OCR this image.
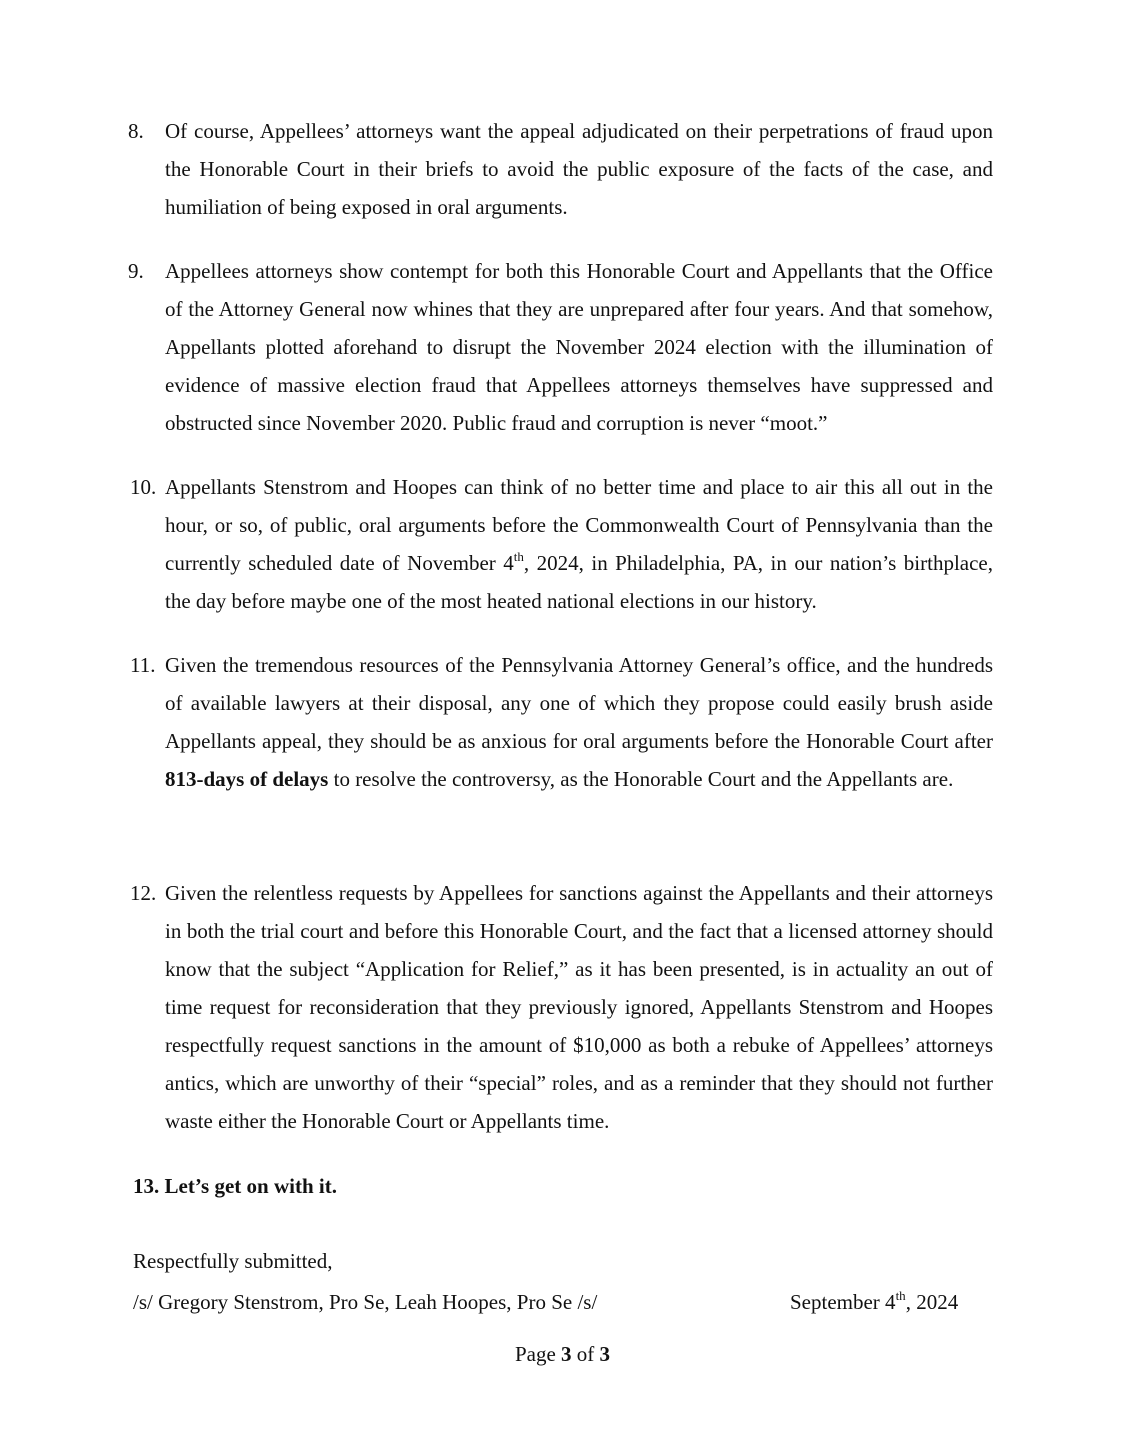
8. Of course, Appellees’ attorneys want the appeal adjudicated on their perpetrations of fraud upon the Honorable Court in their briefs to avoid the public exposure of the facts of the case, and humiliation of being exposed in oral arguments.

9. Appellees attorneys show contempt for both this Honorable Court and Appellants that the Office of the Attorney General now whines that they are unprepared after four years. And that somehow, Appellants plotted aforehand to disrupt the November 2024 election with the illumination of evidence of massive election fraud that Appellees attorneys themselves have suppressed and obstructed since November 2020. Public fraud and corruption is never “moot.”

10. Appellants Stenstrom and Hoopes can think of no better time and place to air this all out in the hour, or so, of public, oral arguments before the Commonwealth Court of Pennsylvania than the currently scheduled date of November 4th, 2024, in Philadelphia, PA, in our nation’s birthplace, the day before maybe one of the most heated national elections in our history.

11. Given the tremendous resources of the Pennsylvania Attorney General’s office, and the hundreds of available lawyers at their disposal, any one of which they propose could easily brush aside Appellants appeal, they should be as anxious for oral arguments before the Honorable Court after 813-days of delays to resolve the controversy, as the Honorable Court and the Appellants are.

12. Given the relentless requests by Appellees for sanctions against the Appellants and their attorneys in both the trial court and before this Honorable Court, and the fact that a licensed attorney should know that the subject “Application for Relief,” as it has been presented, is in actuality an out of time request for reconsideration that they previously ignored, Appellants Stenstrom and Hoopes respectfully request sanctions in the amount of $10,000 as both a rebuke of Appellees’ attorneys antics, which are unworthy of their “special” roles, and as a reminder that they should not further waste either the Honorable Court or Appellants time.

13. Let’s get on with it.

Respectfully submitted,

/s/ Gregory Stenstrom, Pro Se, Leah Hoopes, Pro Se /s/	September 4th, 2024

Page 3 of 3
